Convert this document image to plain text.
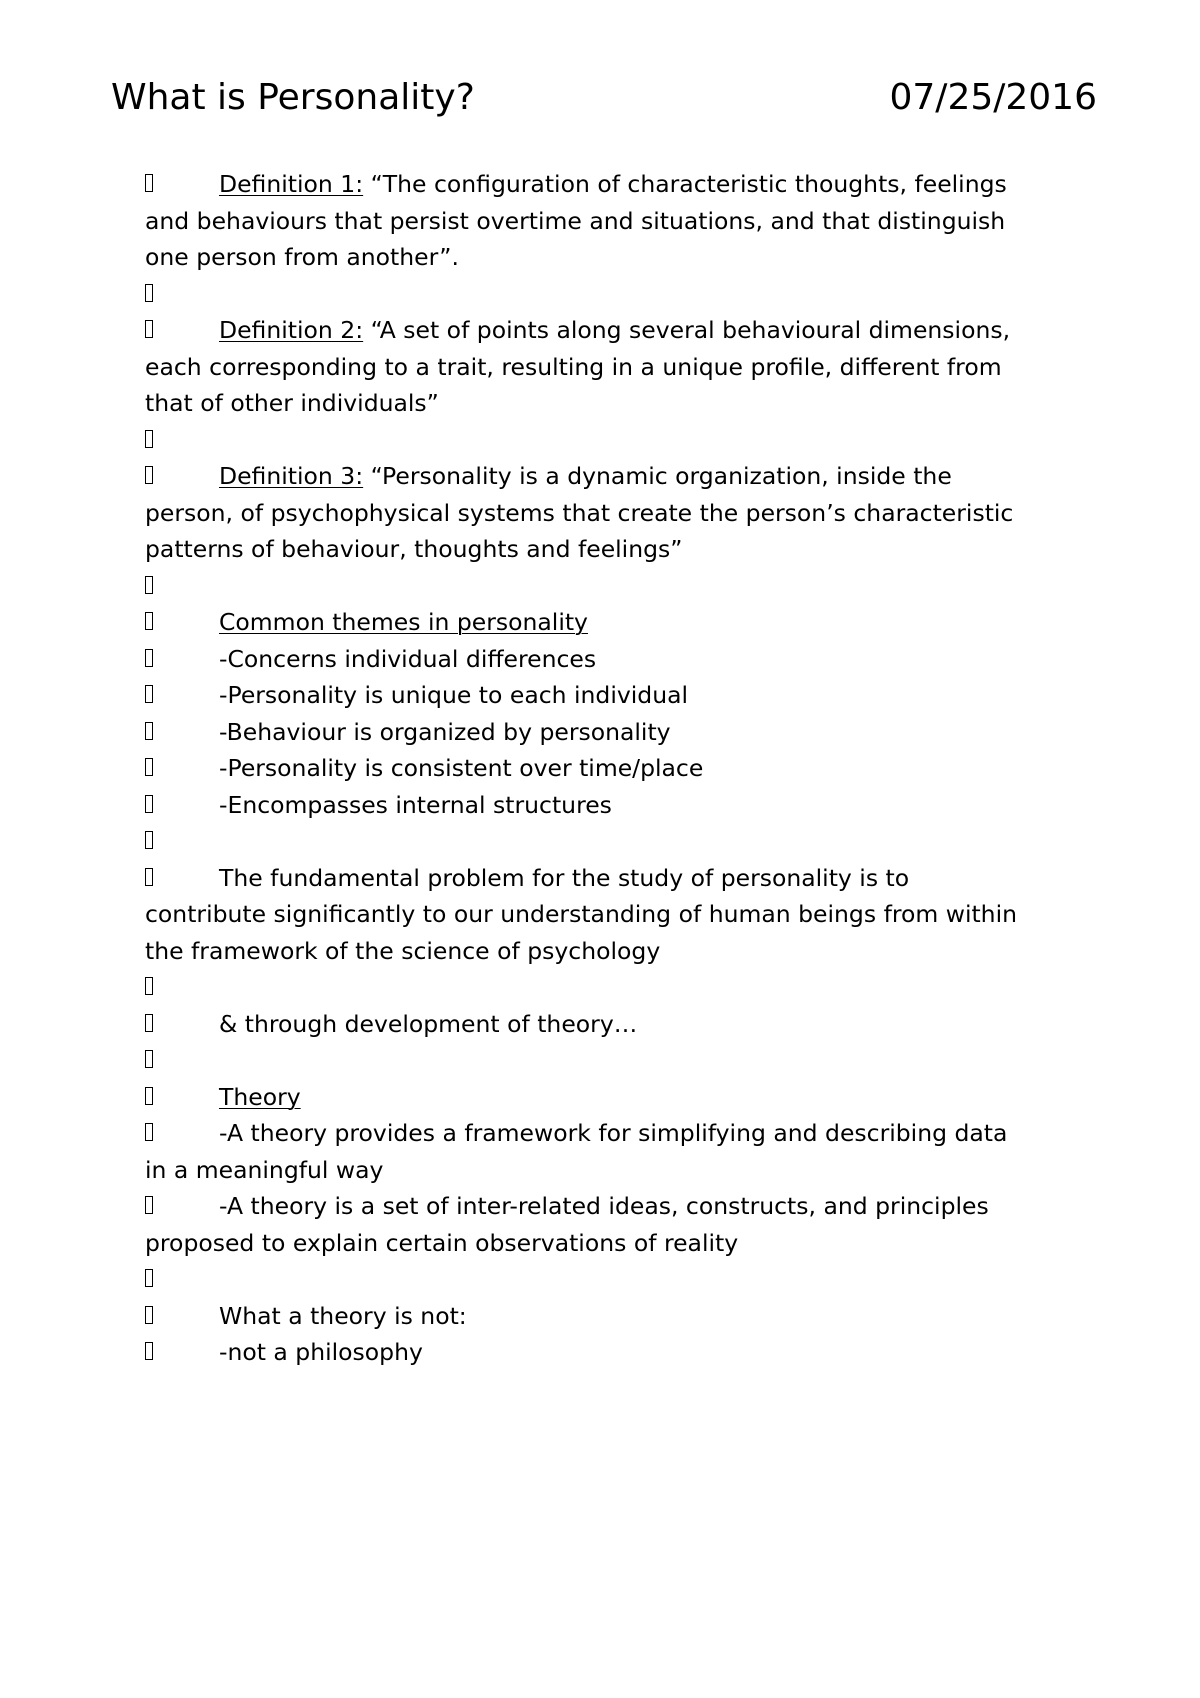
What is Personality?	07/25/2016
Definition 1: “The configuration of characteristic thoughts, feelings
and behaviours that persist overtime and situations, and that distinguish
one person from another”.
Definition 2: “A set of points along several behavioural dimensions,
each corresponding to a trait, resulting in a unique profile, different from
that of other individuals”
Definition 3: “Personality is a dynamic organization, inside the
person, of psychophysical systems that create the person’s characteristic
patterns of behaviour, thoughts and feelings”
Common themes in personality
-Concerns individual differences
-Personality is unique to each individual
-Behaviour is organized by personality
-Personality is consistent over time/place
-Encompasses internal structures
The fundamental problem for the study of personality is to
contribute significantly to our understanding of human beings from within
the framework of the science of psychology
& through development of theory…
Theory
-A theory provides a framework for simplifying and describing data
in a meaningful way
-A theory is a set of inter-related ideas, constructs, and principles
proposed to explain certain observations of reality
What a theory is not:
-not a philosophy
